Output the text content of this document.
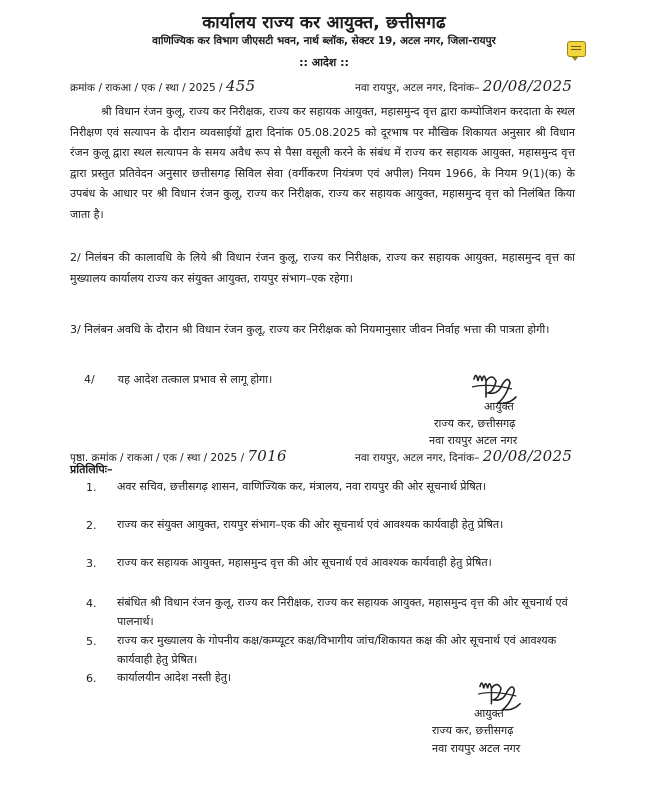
कार्यालय राज्य कर आयुक्त, छत्तीसगढ
वाणिज्यिक कर विभाग जीएसटी भवन, नार्थ ब्लॉक, सेक्टर 19, अटल नगर, जिला-रायपुर
:: आदेश ::
क्रमांक / राकआ / एक / स्था / 2025 / 455	नवा रायपुर, अटल नगर, दिनांक– 20/08/2025
श्री विधान रंजन कुलू, राज्य कर निरीक्षक, राज्य कर सहायक आयुक्त, महासमुन्द वृत्त द्वारा कम्पोजिशन करदाता के स्थल निरीक्षण एवं सत्यापन के दौरान व्यवसाईयों द्वारा दिनांक 05.08.2025 को दूरभाष पर मौखिक शिकायत अनुसार श्री विधान रंजन कुलू द्वारा स्थल सत्यापन के समय अवैध रूप से पैसा वसूली करने के संबंध में राज्य कर सहायक आयुक्त, महासमुन्द वृत्त द्वारा प्रस्तुत प्रतिवेदन अनुसार छत्तीसगढ़ सिविल सेवा (वर्गीकरण नियंत्रण एवं अपील) नियम 1966, के नियम 9(1)(क) के उपबंध के आधार पर श्री विधान रंजन कुलू, राज्य कर निरीक्षक, राज्य कर सहायक आयुक्त, महासमुन्द वृत्त को निलंबित किया जाता है।
2/ निलंबन की कालावधि के लिये श्री विधान रंजन कुलू, राज्य कर निरीक्षक, राज्य कर सहायक आयुक्त, महासमुन्द वृत्त का मुख्यालय कार्यालय राज्य कर संयुक्त आयुक्त, रायपुर संभाग–एक रहेगा।
3/ निलंबन अवधि के दौरान श्री विधान रंजन कुलू, राज्य कर निरीक्षक को नियमानुसार जीवन निर्वाह भत्ता की पात्रता होगी।
4/ यह आदेश तत्काल प्रभाव से लागू होगा।
आयुक्त
राज्य कर, छत्तीसगढ़
नवा रायपुर अटल नगर
पृष्ठा. क्रमांक / राकआ / एक / स्था / 2025 / 7016	नवा रायपुर, अटल नगर, दिनांक– 20/08/2025
प्रतिलिपिः–
1. अवर सचिव, छत्तीसगढ़ शासन, वाणिज्यिक कर, मंत्रालय, नवा रायपुर की ओर सूचनार्थ प्रेषित।
2. राज्य कर संयुक्त आयुक्त, रायपुर संभाग–एक की ओर सूचनार्थ एवं आवश्यक कार्यवाही हेतु प्रेषित।
3. राज्य कर सहायक आयुक्त, महासमुन्द वृत्त की ओर सूचनार्थ एवं आवश्यक कार्यवाही हेतु प्रेषित।
4. संबंधित श्री विधान रंजन कुलू, राज्य कर निरीक्षक, राज्य कर सहायक आयुक्त, महासमुन्द वृत्त की ओर सूचनार्थ एवं पालनार्थ।
5. राज्य कर मुख्यालय के गोपनीय कक्ष/कम्प्यूटर कक्ष/विभागीय जांच/शिकायत कक्ष की ओर सूचनार्थ एवं आवश्यक कार्यवाही हेतु प्रेषित।
6. कार्यालयीन आदेश नस्ती हेतु।
आयुक्त
राज्य कर, छत्तीसगढ़
नवा रायपुर अटल नगर
